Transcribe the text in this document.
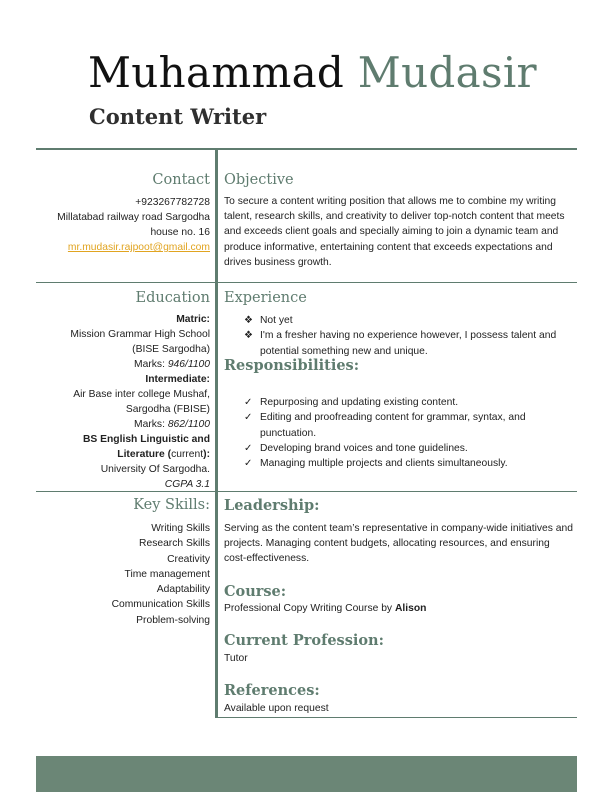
Muhammad Mudasir
Content Writer
Contact
+923267782728
Millatabad railway road Sargodha
house no. 16
mr.mudasir.rajpoot@gmail.com
Objective
To secure a content writing position that allows me to combine my writing talent, research skills, and creativity to deliver top-notch content that meets and exceeds client goals and specially aiming to join a dynamic team and produce informative, entertaining content that exceeds expectations and drives business growth.
Education
Matric:
Mission Grammar High School
(BISE Sargodha)
Marks: 946/1100
Intermediate:
Air Base inter college Mushaf,
Sargodha (FBISE)
Marks: 862/1100
BS English Linguistic and
Literature (current):
University Of Sargodha.
CGPA 3.1
Experience
❖ Not yet
❖ I'm a fresher having no experience however, I possess talent and potential something new and unique.
Responsibilities:
✓ Repurposing and updating existing content.
✓ Editing and proofreading content for grammar, syntax, and punctuation.
✓ Developing brand voices and tone guidelines.
✓ Managing multiple projects and clients simultaneously.
Key Skills:
Writing Skills
Research Skills
Creativity
Time management
Adaptability
Communication Skills
Problem-solving
Leadership:
Serving as the content team’s representative in company-wide initiatives and projects. Managing content budgets, allocating resources, and ensuring cost-effectiveness.
Course:
Professional Copy Writing Course by Alison
Current Profession:
Tutor
References:
Available upon request
